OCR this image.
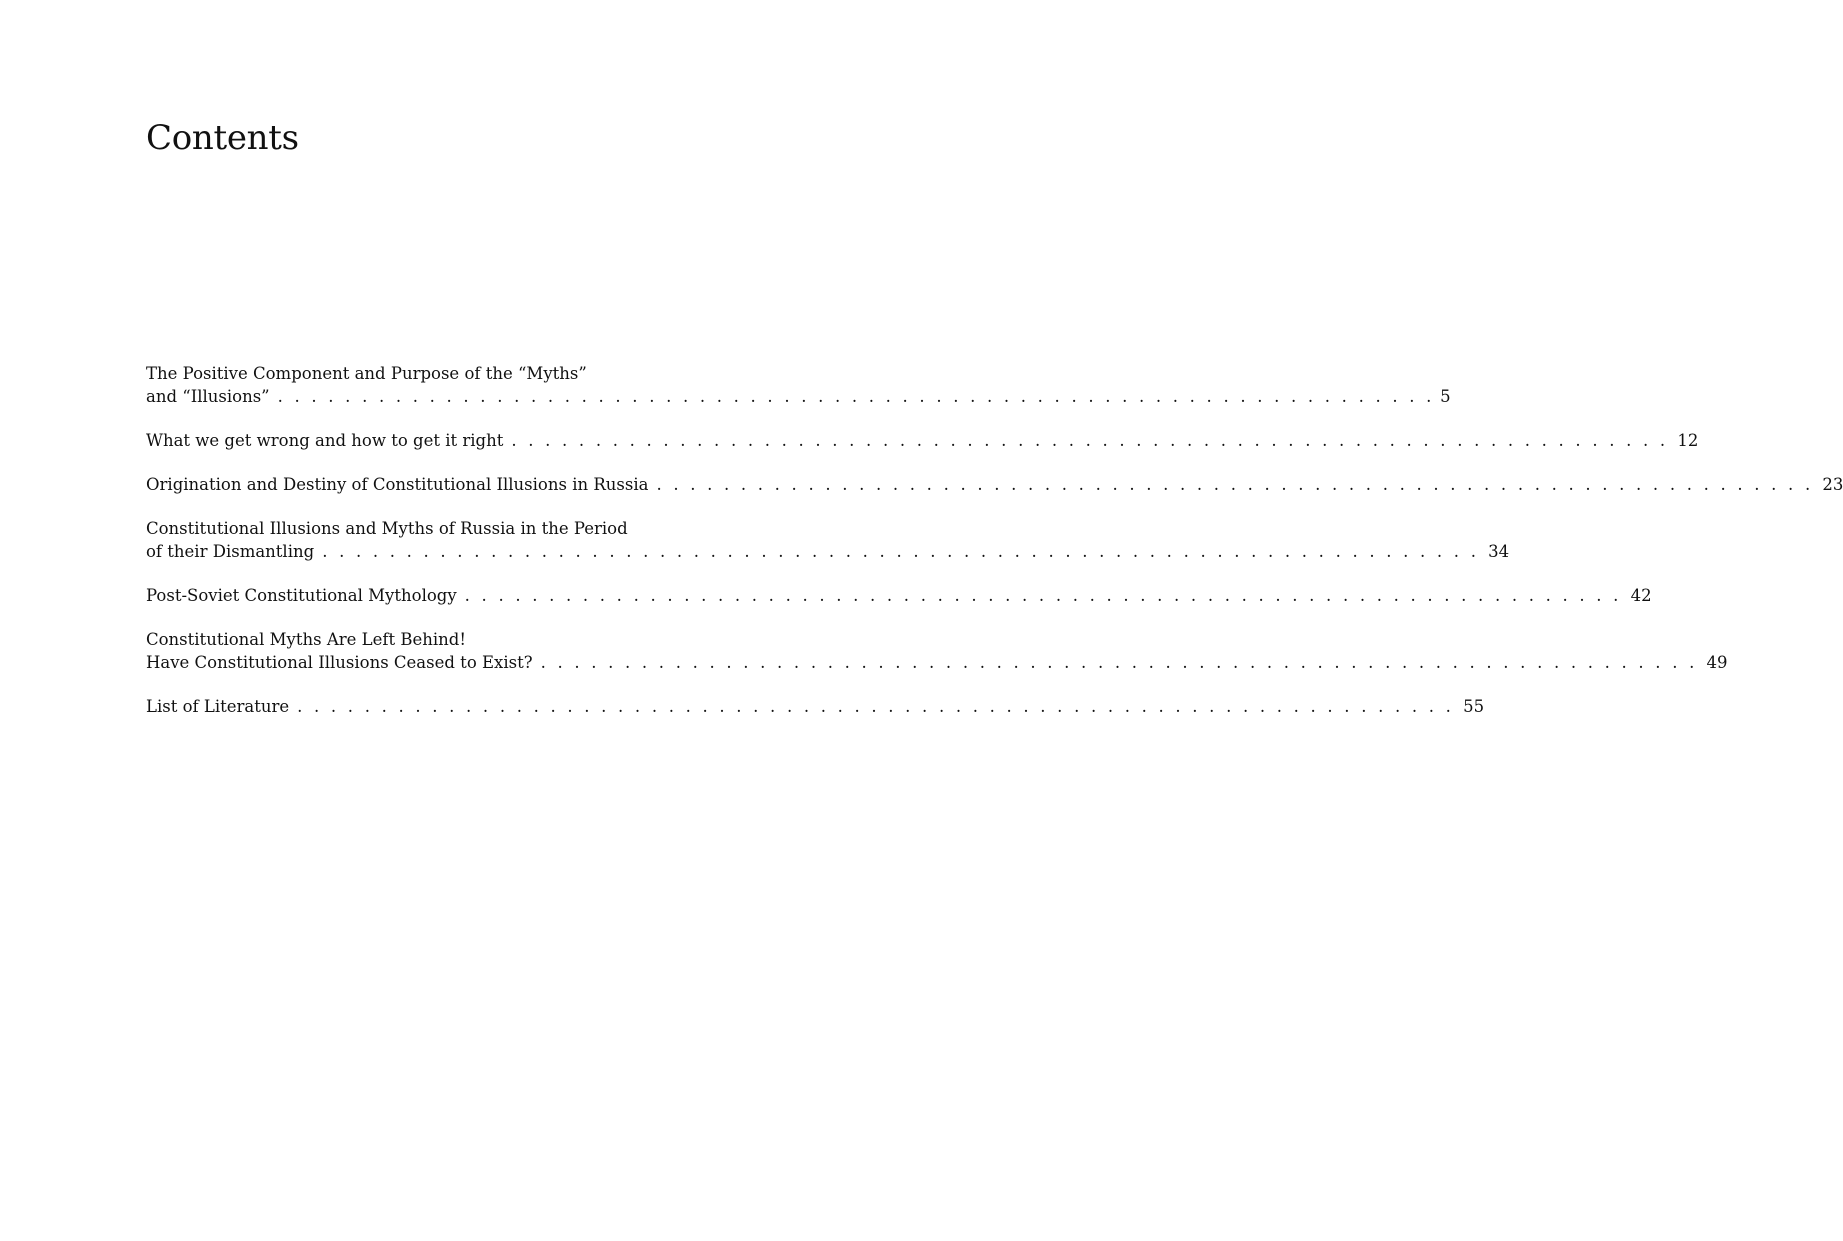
Contents
The Positive Component and Purpose of the “Myths”
and “Illusions” . . . . . . . . . . . . . . . . . . . . . . . . . . . . . . . . . . . . . . . . . . . . . . . . . . . . . . . . . . . . . . . . . . . . . 5
What we get wrong and how to get it right . . . . . . . . . . . . . . . . . . . . . . . . . . . . . . . . . . . . . . . . . . . . . . . . . . . . . . . . . . . . . . . . . . . . . 12
Origination and Destiny of Constitutional Illusions in Russia . . . . . . . . . . . . . . . . . . . . . . . . . . . . . . . . . . . . . . . . . . . . . . . . . . . . . . . . . . . . . . . . . . . . . 23
Constitutional Illusions and Myths of Russia in the Period
of their Dismantling . . . . . . . . . . . . . . . . . . . . . . . . . . . . . . . . . . . . . . . . . . . . . . . . . . . . . . . . . . . . . . . . . . . . . 34
Post-Soviet Constitutional Mythology . . . . . . . . . . . . . . . . . . . . . . . . . . . . . . . . . . . . . . . . . . . . . . . . . . . . . . . . . . . . . . . . . . . . . 42
Constitutional Myths Are Left Behind!
Have Constitutional Illusions Ceased to Exist? . . . . . . . . . . . . . . . . . . . . . . . . . . . . . . . . . . . . . . . . . . . . . . . . . . . . . . . . . . . . . . . . . . . . . 49
List of Literature . . . . . . . . . . . . . . . . . . . . . . . . . . . . . . . . . . . . . . . . . . . . . . . . . . . . . . . . . . . . . . . . . . . . . 55
